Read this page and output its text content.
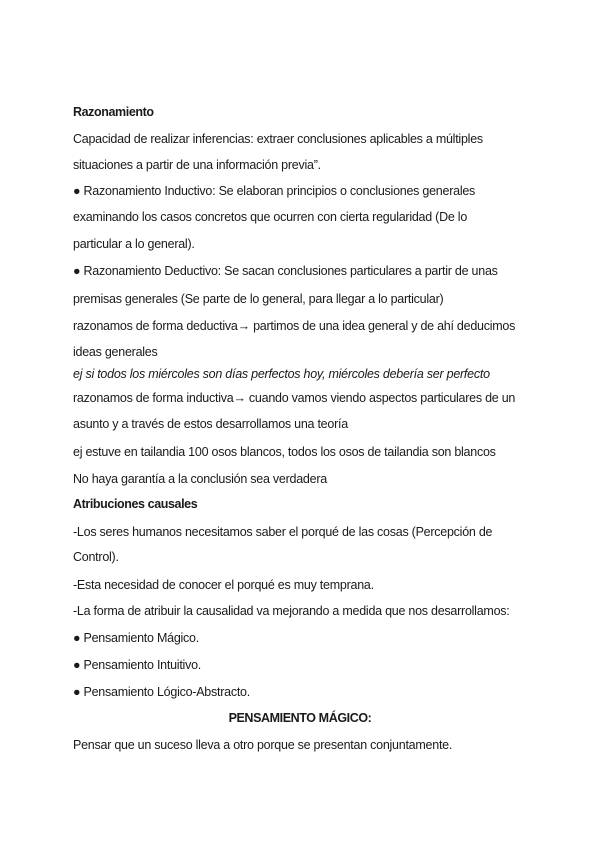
Razonamiento
Capacidad de realizar inferencias: extraer conclusiones aplicables a múltiples
situaciones a partir de una información previa”.
● Razonamiento Inductivo: Se elaboran principios o conclusiones generales
examinando los casos concretos que ocurren con cierta regularidad (De lo
particular a lo general).
● Razonamiento Deductivo: Se sacan conclusiones particulares a partir de unas
premisas generales (Se parte de lo general, para llegar a lo particular)
razonamos de forma deductiva→ partimos de una idea general y de ahí deducimos
ideas generales
ej si todos los miércoles son días perfectos hoy, miércoles debería ser perfecto
razonamos de forma inductiva→ cuando vamos viendo aspectos particulares de un
asunto y a través de estos desarrollamos una teoría
ej estuve en tailandia 100 osos blancos, todos los osos de tailandia son blancos
No haya garantía a la conclusión sea verdadera
Atribuciones causales
-Los seres humanos necesitamos saber el porqué de las cosas (Percepción de
Control).
-Esta necesidad de conocer el porqué es muy temprana.
-La forma de atribuir la causalidad va mejorando a medida que nos desarrollamos:
● Pensamiento Mágico.
● Pensamiento Intuitivo.
● Pensamiento Lógico-Abstracto.
PENSAMIENTO MÁGICO:
Pensar que un suceso lleva a otro porque se presentan conjuntamente.
